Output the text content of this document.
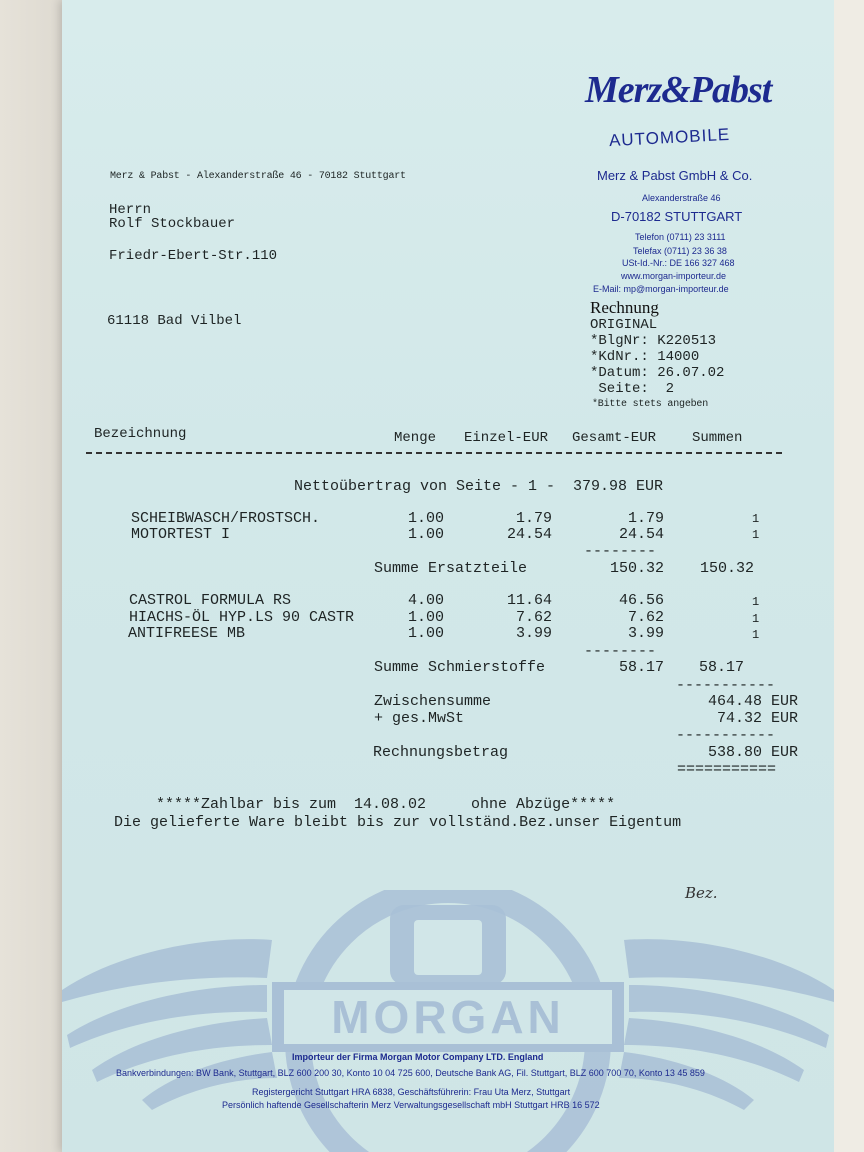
Merz&Pabst
AUTOMOBILE
Merz & Pabst GmbH & Co.
Alexanderstraße 46
D-70182 STUTTGART
Telefon (0711) 23 3111
Telefax (0711) 23 36 38
USt-Id.-Nr.: DE 166 327 468
www.morgan-importeur.de
E-Mail: mp@morgan-importeur.de
Merz & Pabst - Alexanderstraße 46 - 70182 Stuttgart
Herrn
Rolf Stockbauer
Friedr-Ebert-Str.110
61118 Bad Vilbel
Rechnung
ORIGINAL
*BlgNr: K220513
*KdNr.: 14000
*Datum: 26.07.02
Seite:  2
*Bitte stets angeben
Bezeichnung	Menge Einzel-EUR Gesamt-EUR	Summen
Nettoübertrag von Seite - 1 -  379.98 EUR
SCHEIBWASCH/FROSTSCH.	1.00	1.79	1.79	1
MOTORTEST I	1.00	24.54	24.54	1
--------
Summe Ersatzteile	150.32	150.32
CASTROL FORMULA RS	4.00	11.64	46.56	1
HIACHS-ÖL HYP.LS 90 CASTR	1.00	7.62	7.62	1
ANTIFREESE MB	1.00	3.99	3.99	1
--------
Summe Schmierstoffe	58.17	58.17
-----------
Zwischensumme	464.48 EUR
+ ges.MwSt	74.32 EUR
-----------
Rechnungsbetrag	538.80 EUR
===========
*****Zahlbar bis zum  14.08.02     ohne Abzüge*****
Die gelieferte Ware bleibt bis zur vollständ.Bez.unser Eigentum
Bez.
MORGAN
Importeur der Firma Morgan Motor Company LTD. England
Bankverbindungen: BW Bank, Stuttgart, BLZ 600 200 30, Konto 10 04 725 600, Deutsche Bank AG, Fil. Stuttgart, BLZ 600 700 70, Konto 13 45 859
Registergericht Stuttgart HRA 6838, Geschäftsführerin: Frau Uta Merz, Stuttgart
Persönlich haftende Gesellschafterin Merz Verwaltungsgesellschaft mbH Stuttgart HRB 16 572
